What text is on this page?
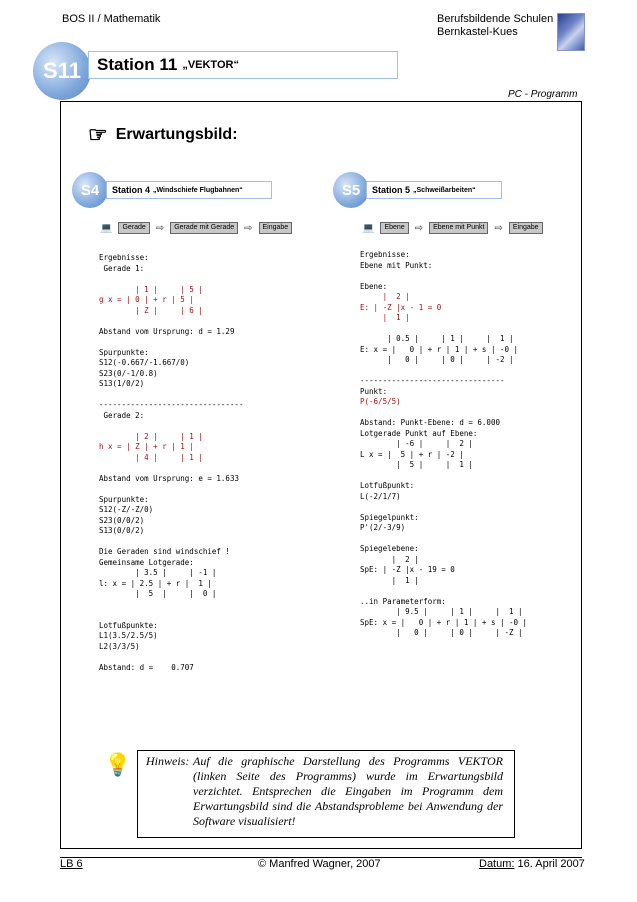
BOS II / Mathematik	Berufsbildende Schulen
Bernkastel-Kues
S11 Station 11 „VEKTOR“
PC - Programm
☞ Erwartungsbild:
S4	Station 4 „Windschiefe Flugbahnen“
💻	Gerade	⇨	Gerade mit Gerade	⇨	Eingabe
Ergebnisse:
Gerade 1:

| 1 |     | 5 |
g x = | 0 | + r | 5 |
| Z |     | 6 |

Abstand vom Ursprung: d = 1.29

Spurpunkte:
S12(-0.667/-1.667/0)
S23(0/-1/0.8)
S13(1/0/2)

--------------------------------
Gerade 2:

| 2 |     | 1 |
h x = | Z | + r | 1 |
| 4 |     | 1 |

Abstand vom Ursprung: e = 1.633

Spurpunkte:
S12(-Z/-Z/0)
S23(0/0/2)
S13(0/0/2)

Die Geraden sind windschief !
Gemeinsame Lotgerade:
| 3.5 |     | -1 |
l: x = | 2.5 | + r |  1 |
|  5  |     |  0 |

Lotfußpunkte:
L1(3.5/2.5/5)
L2(3/3/5)

Abstand: d =    0.707
S5	Station 5 „Schweißarbeiten“
💻	Ebene	⇨	Ebene mit Punkt	⇨	Eingabe
Ergebnisse:
Ebene mit Punkt:

Ebene:
|  2 |
E: | -Z |x - 1 = 0
|  1 |

| 0.5 |     | 1 |     |  1 |
E: x = |   0 | + r | 1 | + s | -0 |
|   0 |     | 0 |     | -2 |

--------------------------------
Punkt:
P(-6/5/5)

Abstand: Punkt-Ebene: d = 6.000
Lotgerade Punkt auf Ebene:
| -6 |     |  2 |
L x = |  5 | + r | -2 |
|  5 |     |  1 |

Lotfußpunkt:
L(-2/1/7)

Spiegelpunkt:
P'(2/-3/9)

Spiegelebene:
|  2 |
SpE: | -Z |x - 19 = 0
|  1 |

..in Parameterform:
| 9.5 |     | 1 |     |  1 |
SpE: x = |   0 | + r | 1 | + s | -0 |
|   0 |     | 0 |     | -Z |
💡 Hinweis: Auf die graphische Darstellung des Programms VEKTOR (linken Seite des Programms) wurde im Erwartungsbild verzichtet. Entsprechen die Eingaben im Programm dem Erwartungsbild sind die Abstandsprobleme bei Anwendung der Software visualisiert!
LB 6	© Manfred Wagner, 2007	Datum: 16. April 2007
